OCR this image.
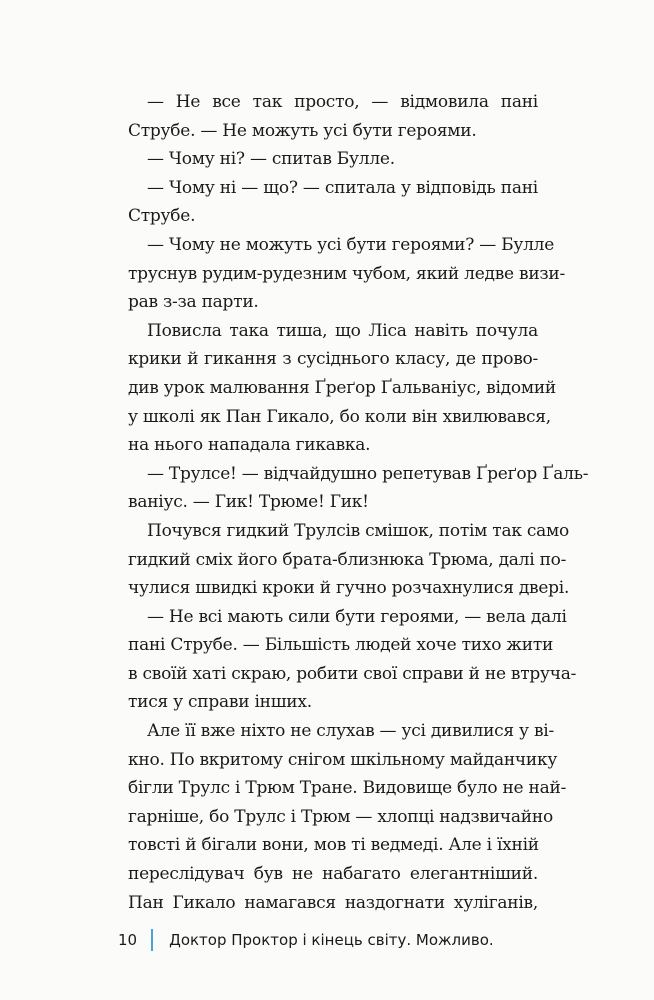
— Не все так просто, — відмовила пані
Струбе. — Не можуть усі бути героями.
— Чому ні? — спитав Булле.
— Чому ні — що? — спитала у відповідь пані
Струбе.
— Чому не можуть усі бути героями? — Булле
труснув рудим-рудезним чубом, який ледве визи-
рав з-за парти.
Повисла така тиша, що Ліса навіть почула
крики й гикання з сусіднього класу, де прово-
див урок малювання Ґреґор Ґальваніус, відомий
у школі як Пан Гикало, бо коли він хвилювався,
на нього нападала гикавка.
— Трулсе! — відчайдушно репетував Ґреґор Ґаль-
ваніус. — Гик! Трюме! Гик!
Почувся гидкий Трулсів смішок, потім так само
гидкий сміх його брата-близнюка Трюма, далі по-
чулися швидкі кроки й гучно розчахнулися двері.
— Не всі мають сили бути героями, — вела далі
пані Струбе. — Більшість людей хоче тихо жити
в своїй хаті скраю, робити свої справи й не втруча-
тися у справи інших.
Але її вже ніхто не слухав — усі дивилися у ві-
кно. По вкритому снігом шкільному майданчику
бігли Трулс і Трюм Тране. Видовище було не най-
гарніше, бо Трулс і Трюм — хлопці надзвичайно
товсті й бігали вони, мов ті ведмеді. Але і їхній
переслідувач був не набагато елегантніший.
Пан Гикало намагався наздогнати хуліганів,
10 Доктор Проктор і кінець світу. Можливо.
